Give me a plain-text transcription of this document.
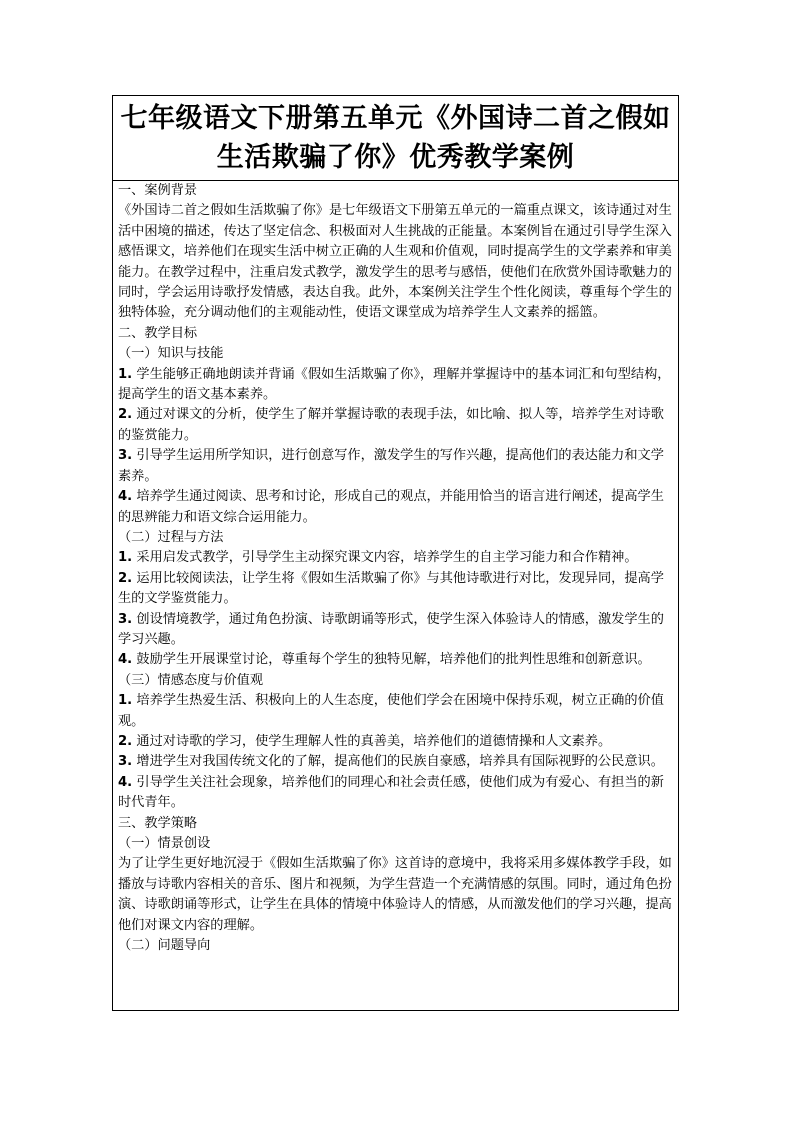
七年级语文下册第五单元《外国诗二首之假如生活欺骗了你》优秀教学案例

一、案例背景

《外国诗二首之假如生活欺骗了你》是七年级语文下册第五单元的一篇重点课文，该诗通过对生活中困境的描述，传达了坚定信念、积极面对人生挑战的正能量。本案例旨在通过引导学生深入感悟课文，培养他们在现实生活中树立正确的人生观和价值观，同时提高学生的文学素养和审美能力。在教学过程中，注重启发式教学，激发学生的思考与感悟，使他们在欣赏外国诗歌魅力的同时，学会运用诗歌抒发情感，表达自我。此外，本案例关注学生个性化阅读，尊重每个学生的独特体验，充分调动他们的主观能动性，使语文课堂成为培养学生人文素养的摇篮。

二、教学目标

（一）知识与技能

1. 学生能够正确地朗读并背诵《假如生活欺骗了你》，理解并掌握诗中的基本词汇和句型结构，提高学生的语文基本素养。

2. 通过对课文的分析，使学生了解并掌握诗歌的表现手法，如比喻、拟人等，培养学生对诗歌的鉴赏能力。

3. 引导学生运用所学知识，进行创意写作，激发学生的写作兴趣，提高他们的表达能力和文学素养。

4. 培养学生通过阅读、思考和讨论，形成自己的观点，并能用恰当的语言进行阐述，提高学生的思辨能力和语文综合运用能力。

（二）过程与方法

1. 采用启发式教学，引导学生主动探究课文内容，培养学生的自主学习能力和合作精神。

2. 运用比较阅读法，让学生将《假如生活欺骗了你》与其他诗歌进行对比，发现异同，提高学生的文学鉴赏能力。

3. 创设情境教学，通过角色扮演、诗歌朗诵等形式，使学生深入体验诗人的情感，激发学生的学习兴趣。

4. 鼓励学生开展课堂讨论，尊重每个学生的独特见解，培养他们的批判性思维和创新意识。

（三）情感态度与价值观

1. 培养学生热爱生活、积极向上的人生态度，使他们学会在困境中保持乐观，树立正确的价值观。

2. 通过对诗歌的学习，使学生理解人性的真善美，培养他们的道德情操和人文素养。

3. 增进学生对我国传统文化的了解，提高他们的民族自豪感，培养具有国际视野的公民意识。

4. 引导学生关注社会现象，培养他们的同理心和社会责任感，使他们成为有爱心、有担当的新时代青年。

三、教学策略

（一）情景创设

为了让学生更好地沉浸于《假如生活欺骗了你》这首诗的意境中，我将采用多媒体教学手段，如播放与诗歌内容相关的音乐、图片和视频，为学生营造一个充满情感的氛围。同时，通过角色扮演、诗歌朗诵等形式，让学生在具体的情境中体验诗人的情感，从而激发他们的学习兴趣，提高他们对课文内容的理解。

（二）问题导向
